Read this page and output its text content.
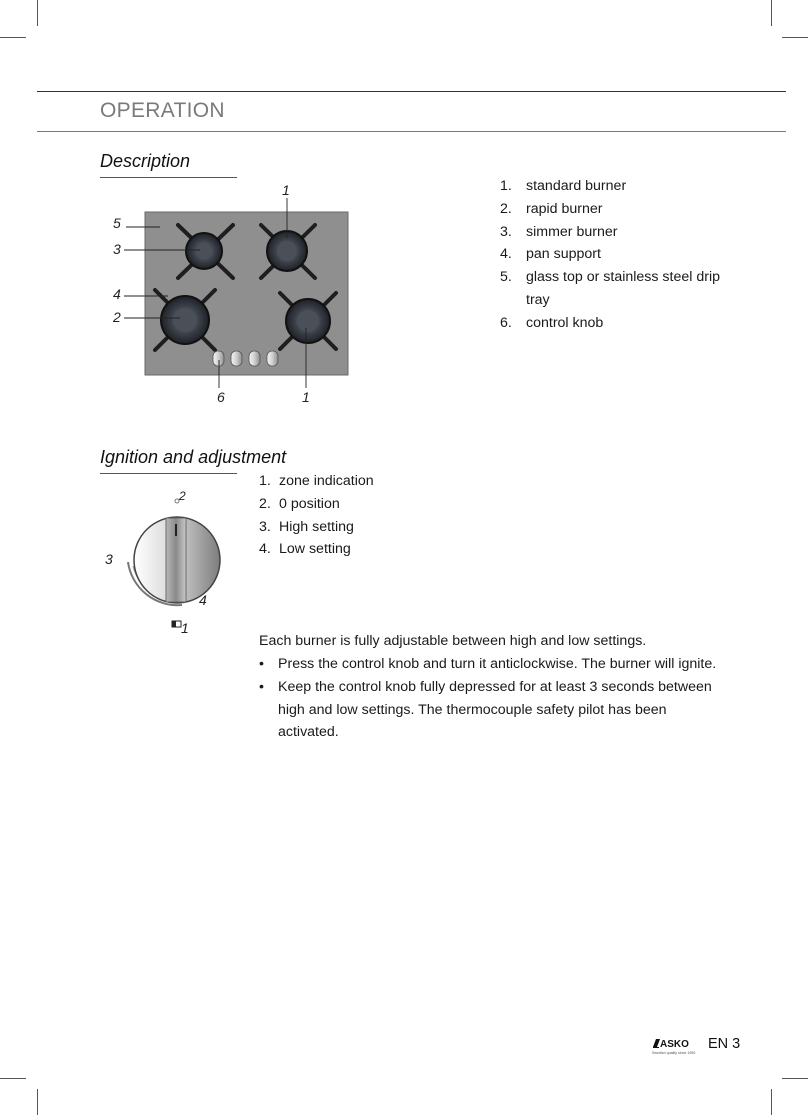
OPERATION
Description
1
5
3
4
2
6	1
1. standard burner
2. rapid burner
3. simmer burner
4. pan support
5. glass top or stainless steel drip tray
6. control knob
Ignition and adjustment
2
3
4
1
1. zone indication
2. 0 position
3. High setting
4. Low setting

Each burner is fully adjustable between high and low settings.

• Press the control knob and turn it anticlockwise. The burner will ignite.
• Keep the control knob fully depressed for at least 3 seconds between high and low settings. The thermocouple safety pilot has been activated.
ASKO
Swedish quality since 1950
EN 3
